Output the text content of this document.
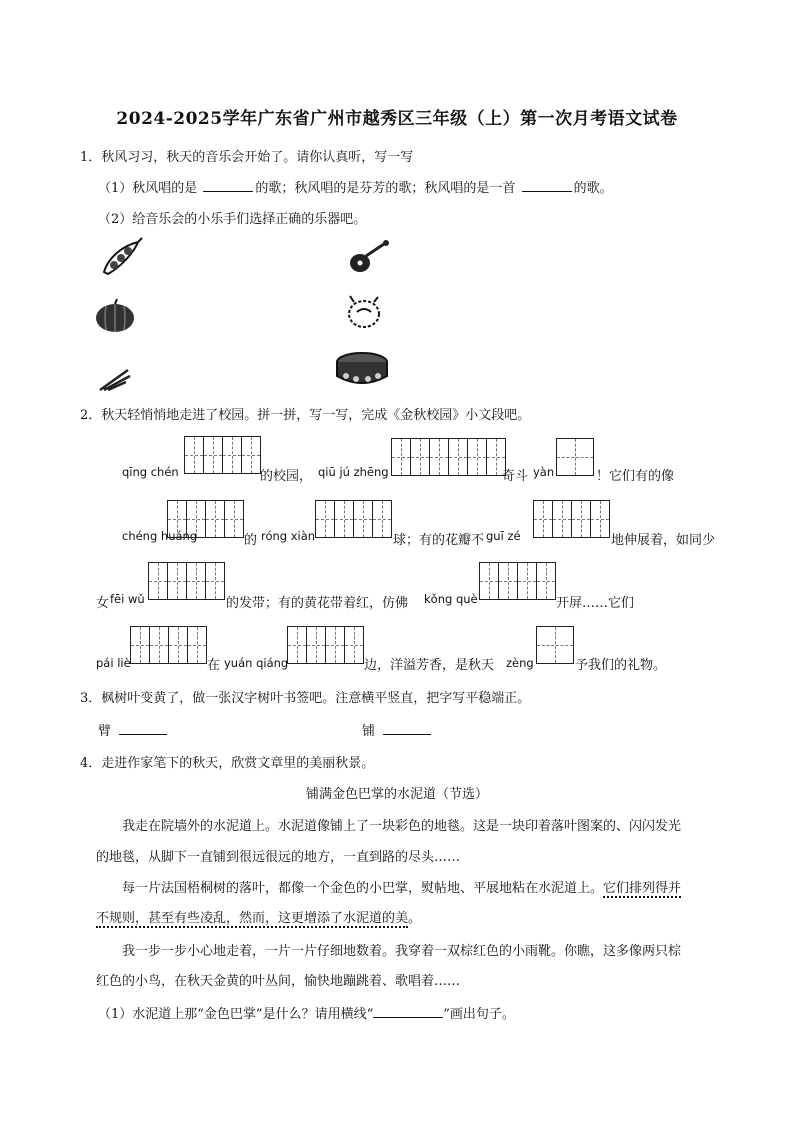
2024-2025学年广东省广州市越秀区三年级（上）第一次月考语文试卷
1．秋风习习，秋天的音乐会开始了。请你认真听，写一写
（1）秋风唱的是	的歌；秋风唱的是芬芳的歌；秋风唱的是一首	的歌。
（2）给音乐会的小乐手们选择正确的乐器吧。
2．秋天轻悄悄地走进了校园。拼一拼，写一写，完成《金秋校园》小文段吧。
qīng chén	的校园， qiū jú zhēng	奇斗 yàn	！它们有的像
chéng huáng	的 róng xiàn	球；有的花瓣不 guī zé	地伸展着，如同少
女 fēi wǔ	的发带；有的黄花带着红，仿佛 kǒng què	开屏……它们
pái liè	在 yuán qiáng	边，洋溢芳香，是秋天 zèng	予我们的礼物。
3．枫树叶变黄了，做一张汉字树叶书签吧。注意横平竖直，把字写平稳端正。
臂	铺
4．走进作家笔下的秋天，欣赏文章里的美丽秋景。
铺满金色巴掌的水泥道（节选）
我走在院墙外的水泥道上。水泥道像铺上了一块彩色的地毯。这是一块印着落叶图案的、闪闪发光
的地毯，从脚下一直铺到很远很远的地方，一直到路的尽头……
每一片法国梧桐树的落叶，都像一个金色的小巴掌，熨帖地、平展地粘在水泥道上。它们排列得并
不规则，甚至有些凌乱，然而，这更增添了水泥道的美。
我一步一步小心地走着，一片一片仔细地数着。我穿着一双棕红色的小雨靴。你瞧，这多像两只棕
红色的小鸟，在秋天金黄的叶丛间，愉快地蹦跳着、歌唱着……
（1）水泥道上那“金色巴掌”是什么？请用横线“	”画出句子。
